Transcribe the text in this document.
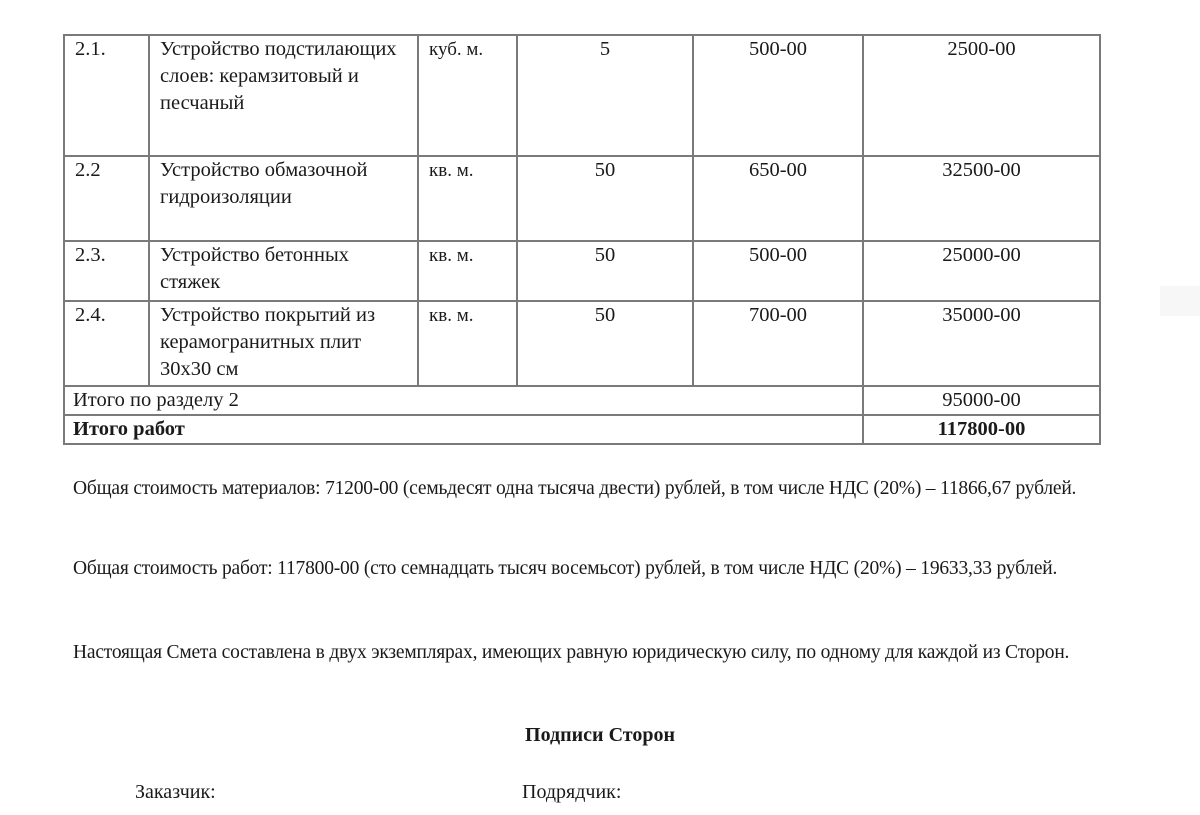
2.1.	Устройство подстилающих слоев: керамзитовый и песчаный	куб. м.	5	500-00	2500-00
2.2	Устройство обмазочной гидроизоляции	кв. м.	50	650-00	32500-00
2.3.	Устройство бетонных стяжек	кв. м.	50	500-00	25000-00
2.4.	Устройство покрытий из керамогранитных плит 30х30 см	кв. м.	50	700-00	35000-00
Итого по разделу 2					95000-00
Итого работ					117800-00
Общая стоимость материалов: 71200-00 (семьдесят одна тысяча двести) рублей, в том числе НДС (20%) – 11866,67 рублей.
Общая стоимость работ: 117800-00 (сто семнадцать тысяч восемьсот) рублей, в том числе НДС (20%) – 19633,33 рублей.
Настоящая Смета составлена в двух экземплярах, имеющих равную юридическую силу, по одному для каждой из Сторон.
Подписи Сторон
Заказчик:	Подрядчик:
